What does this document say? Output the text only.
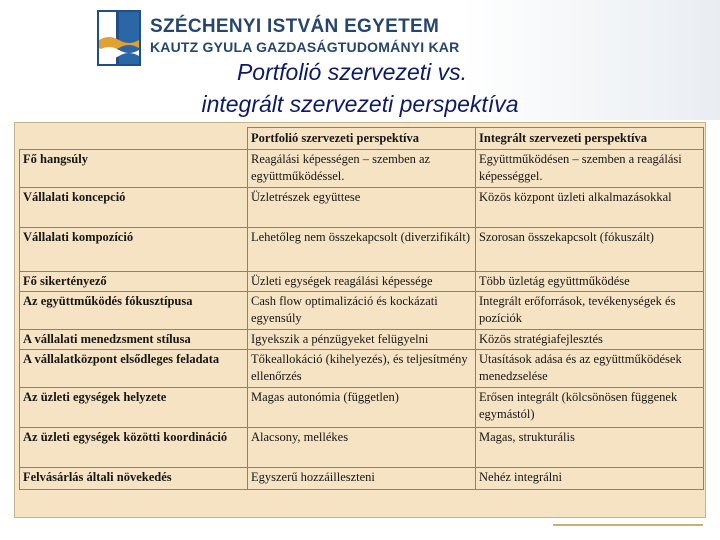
SZÉCHENYI ISTVÁN EGYETEM
KAUTZ GYULA GAZDASÁGTUDOMÁNYI KAR
Portfolió szervezeti vs.
integrált szervezeti perspektíva
	Portfolió szervezeti perspektíva	Integrált szervezeti perspektíva
Fő hangsúly	Reagálási képességen – szemben az együttműködéssel.	Együttműködésen – szemben a reagálási képességgel.
Vállalati koncepció	Üzletrészek együttese	Közös központ üzleti alkalmazásokkal
Vállalati kompozíció	Lehetőleg nem összekapcsolt (diverzifikált)	Szorosan összekapcsolt (fókuszált)
Fő sikertényező	Üzleti egységek reagálási képessége	Több üzletág együttműködése
Az együttműködés fókusztípusa	Cash flow optimalizáció és kockázati egyensúly	Integrált erőforrások, tevékenységek és pozíciók
A vállalati menedzsment stílusa	Igyekszik a pénzügyeket felügyelni	Közös stratégiafejlesztés
A vállalatközpont elsődleges feladata	Tőkeallokáció (kihelyezés), és teljesítmény ellenőrzés	Utasítások adása és az együttműködések menedzselése
Az üzleti egységek helyzete	Magas autonómia (független)	Erősen integrált (kölcsönösen függenek egymástól)
Az üzleti egységek közötti koordináció	Alacsony, mellékes	Magas, strukturális
Felvásárlás általi növekedés	Egyszerű hozzáilleszteni	Nehéz integrálni
